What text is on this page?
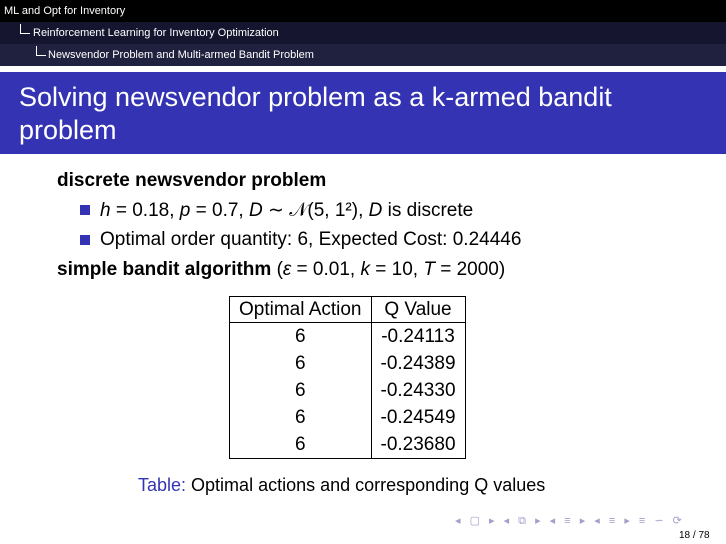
ML and Opt for Inventory
Reinforcement Learning for Inventory Optimization
Newsvendor Problem and Multi-armed Bandit Problem
Solving newsvendor problem as a k-armed bandit problem
discrete newsvendor problem
h = 0.18, p = 0.7, D ∼ 𝒩(5, 1²), D is discrete
Optimal order quantity: 6, Expected Cost: 0.24446
simple bandit algorithm (ε = 0.01, k = 10, T = 2000)
Optimal Action	Q Value
6	-0.24113
6	-0.24389
6	-0.24330
6	-0.24549
6	-0.23680
Table: Optimal actions and corresponding Q values
◂ ▢ ▸ ◂ ⧉ ▸ ◂ ≡ ▸ ◂ ≡ ▸ ≡ ∽ ⟳
18 / 78
